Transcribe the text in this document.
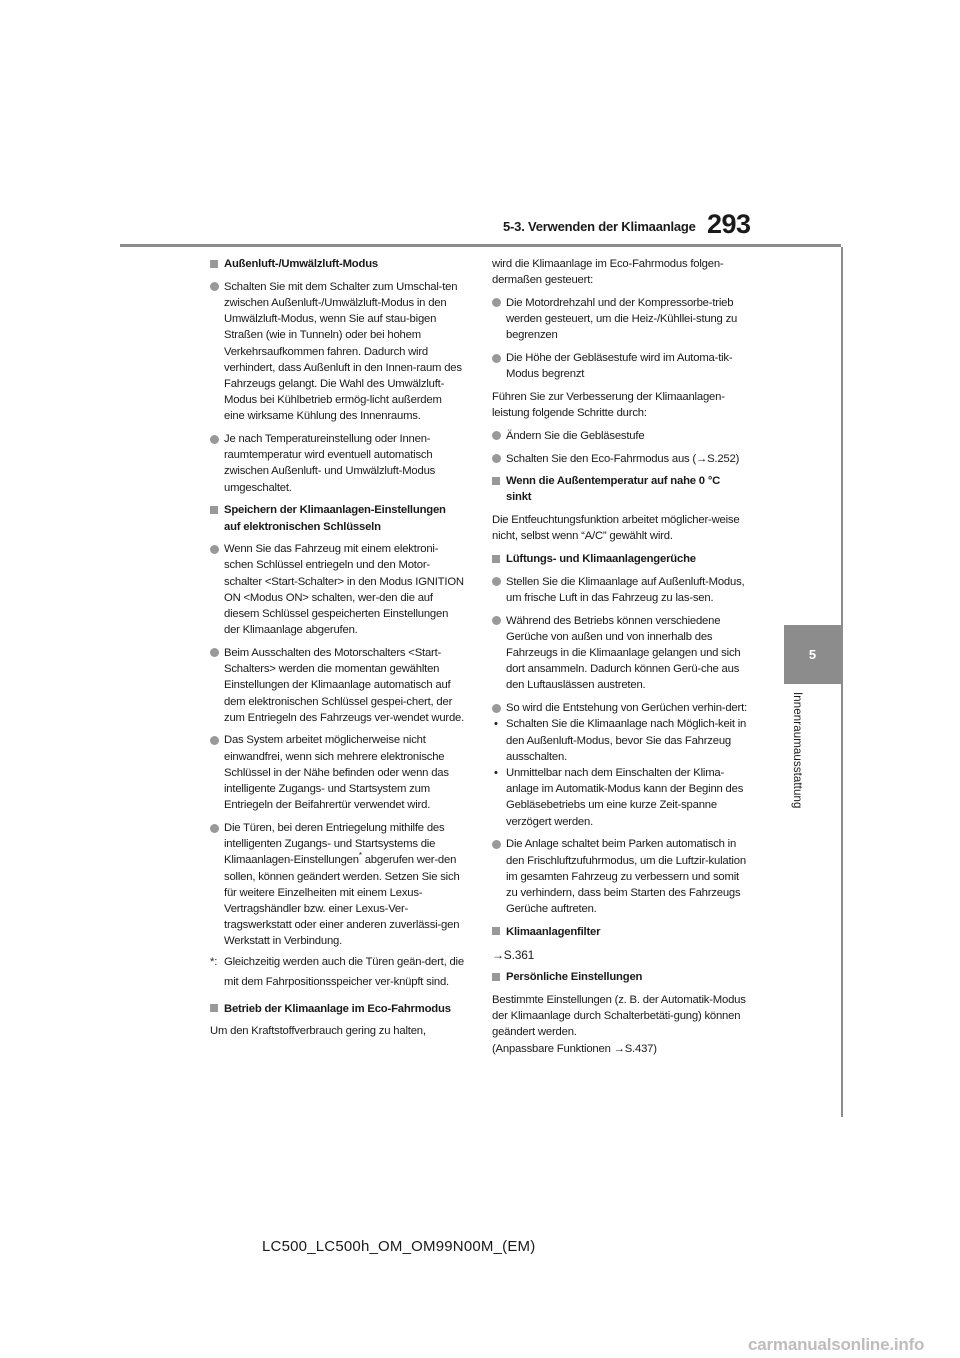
5-3. Verwenden der Klimaanlage 293
5
Innenraumausstattung
Außenluft-/Umwälzluft-Modus
Schalten Sie mit dem Schalter zum Umschal-ten zwischen Außenluft-/Umwälzluft-Modus in den Umwälzluft-Modus, wenn Sie auf stau-bigen Straßen (wie in Tunneln) oder bei hohem Verkehrsaufkommen fahren. Dadurch wird verhindert, dass Außenluft in den Innen-raum des Fahrzeugs gelangt. Die Wahl des Umwälzluft-Modus bei Kühlbetrieb ermög-licht außerdem eine wirksame Kühlung des Innenraums.
Je nach Temperatureinstellung oder Innen-raumtemperatur wird eventuell automatisch zwischen Außenluft- und Umwälzluft-Modus umgeschaltet.
Speichern der Klimaanlagen-Einstellungen auf elektronischen Schlüsseln
Wenn Sie das Fahrzeug mit einem elektroni-schen Schlüssel entriegeln und den Motor-schalter <Start-Schalter> in den Modus IGNITION ON <Modus ON> schalten, wer-den die auf diesem Schlüssel gespeicherten Einstellungen der Klimaanlage abgerufen.
Beim Ausschalten des Motorschalters <Start-Schalters> werden die momentan gewählten Einstellungen der Klimaanlage automatisch auf dem elektronischen Schlüssel gespei-chert, der zum Entriegeln des Fahrzeugs ver-wendet wurde.
Das System arbeitet möglicherweise nicht einwandfrei, wenn sich mehrere elektronische Schlüssel in der Nähe befinden oder wenn das intelligente Zugangs- und Startsystem zum Entriegeln der Beifahrertür verwendet wird.
Die Türen, bei deren Entriegelung mithilfe des intelligenten Zugangs- und Startsystems die Klimaanlagen-Einstellungen* abgerufen wer-den sollen, können geändert werden. Setzen Sie sich für weitere Einzelheiten mit einem Lexus-Vertragshändler bzw. einer Lexus-Ver-tragswerkstatt oder einer anderen zuverlässi-gen Werkstatt in Verbindung.
*: Gleichzeitig werden auch die Türen geän-dert, die mit dem Fahrpositionsspeicher ver-knüpft sind.
Betrieb der Klimaanlage im Eco-Fahrmodus
Um den Kraftstoffverbrauch gering zu halten,
wird die Klimaanlage im Eco-Fahrmodus folgen-dermaßen gesteuert:
Die Motordrehzahl und der Kompressorbe-trieb werden gesteuert, um die Heiz-/Kühllei-stung zu begrenzen
Die Höhe der Gebläsestufe wird im Automa-tik-Modus begrenzt
Führen Sie zur Verbesserung der Klimaanlagen-leistung folgende Schritte durch:
Ändern Sie die Gebläsestufe
Schalten Sie den Eco-Fahrmodus aus (→S.252)
Wenn die Außentemperatur auf nahe 0 °C sinkt
Die Entfeuchtungsfunktion arbeitet möglicher-weise nicht, selbst wenn “A/C” gewählt wird.
Lüftungs- und Klimaanlagengerüche
Stellen Sie die Klimaanlage auf Außenluft-Modus, um frische Luft in das Fahrzeug zu las-sen.
Während des Betriebs können verschiedene Gerüche von außen und von innerhalb des Fahrzeugs in die Klimaanlage gelangen und sich dort ansammeln. Dadurch können Gerü-che aus den Luftauslässen austreten.
So wird die Entstehung von Gerüchen verhin-dert:
• Schalten Sie die Klimaanlage nach Möglich-keit in den Außenluft-Modus, bevor Sie das Fahrzeug ausschalten.
• Unmittelbar nach dem Einschalten der Klima-anlage im Automatik-Modus kann der Beginn des Gebläsebetriebs um eine kurze Zeit-spanne verzögert werden.
Die Anlage schaltet beim Parken automatisch in den Frischluftzufuhrmodus, um die Luftzir-kulation im gesamten Fahrzeug zu verbessern und somit zu verhindern, dass beim Starten des Fahrzeugs Gerüche auftreten.
Klimaanlagenfilter
→S.361
Persönliche Einstellungen
Bestimmte Einstellungen (z. B. der Automatik-Modus der Klimaanlage durch Schalterbetäti-gung) können geändert werden.
(Anpassbare Funktionen →S.437)
LC500_LC500h_OM_OM99N00M_(EM)
carmanualsonline.info
